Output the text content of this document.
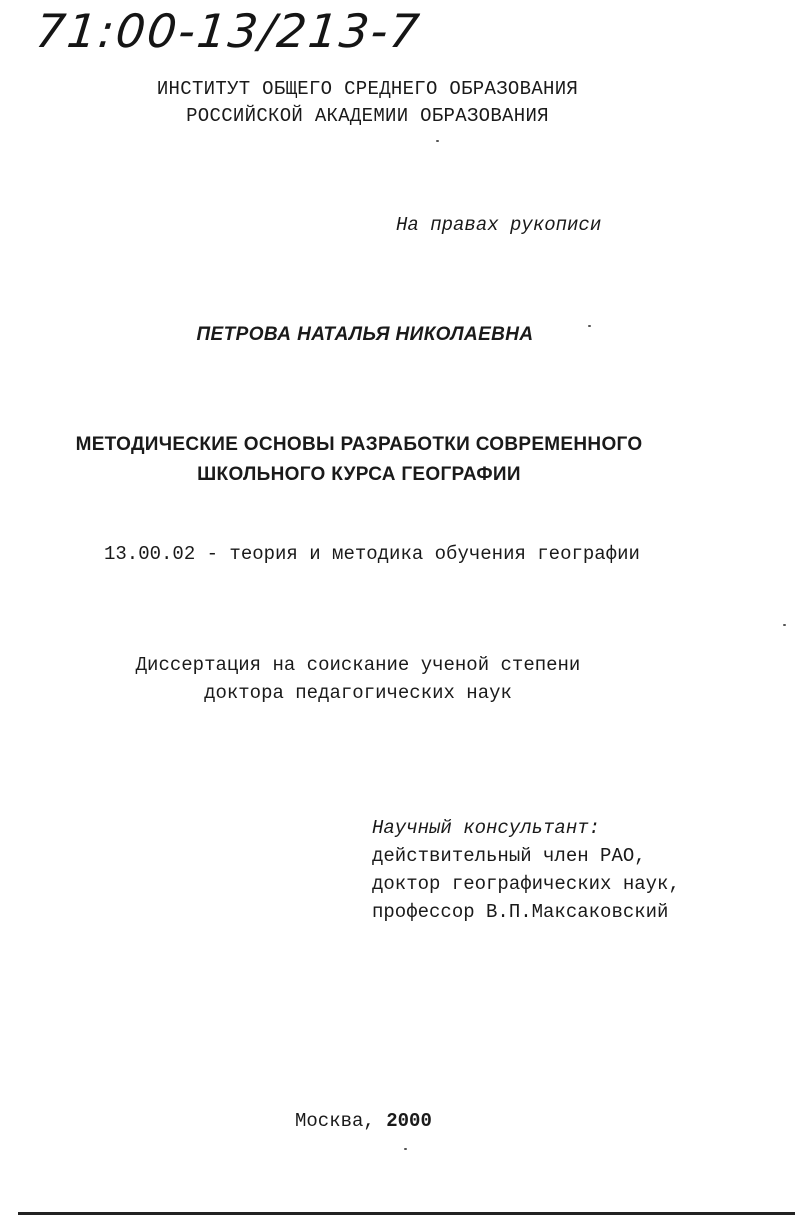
71:00-13/213-7
ИНСТИТУТ ОБЩЕГО СРЕДНЕГО ОБРАЗОВАНИЯ
РОССИЙСКОЙ АКАДЕМИИ ОБРАЗОВАНИЯ
На правах рукописи
ПЕТРОВА НАТАЛЬЯ НИКОЛАЕВНА
МЕТОДИЧЕСКИЕ ОСНОВЫ РАЗРАБОТКИ СОВРЕМЕННОГО
ШКОЛЬНОГО КУРСА ГЕОГРАФИИ
13.00.02 - теория и методика обучения географии
Диссертация на соискание ученой степени
доктора педагогических наук
Научный консультант:
действительный член РАО,
доктор географических наук,
профессор В.П.Максаковский
Москва, 2000
